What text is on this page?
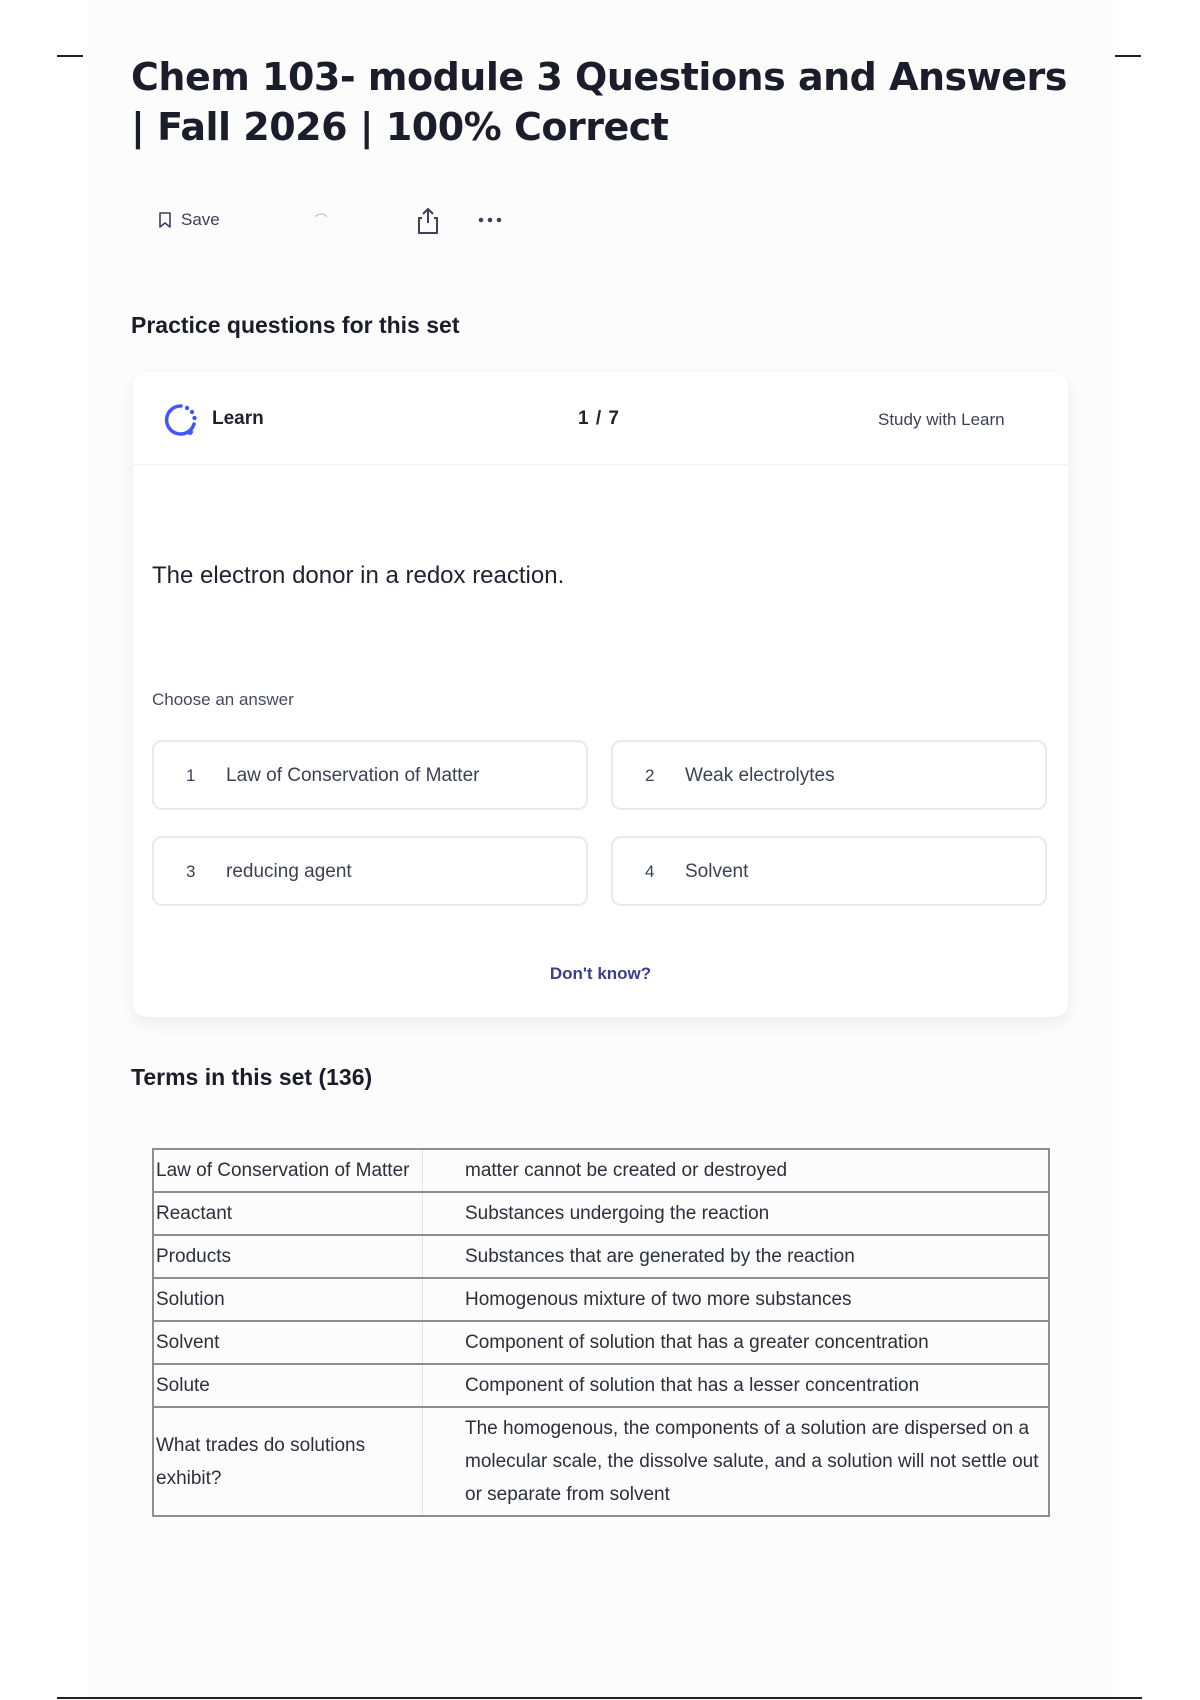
Chem 103- module 3 Questions and Answers | Fall 2026 | 100% Correct
Save
Practice questions for this set
Learn	1 / 7	Study with Learn
The electron donor in a redox reaction.
Choose an answer
1 Law of Conservation of Matter	2 Weak electrolytes
3 reducing agent	4 Solvent
Don't know?
Terms in this set (136)
Law of Conservation of Matter	matter cannot be created or destroyed
Reactant	Substances undergoing the reaction
Products	Substances that are generated by the reaction
Solution	Homogenous mixture of two more substances
Solvent	Component of solution that has a greater concentration
Solute	Component of solution that has a lesser concentration
What trades do solutions exhibit?	The homogenous, the components of a solution are dispersed on a molecular scale, the dissolve salute, and a solution will not settle out or separate from solvent
